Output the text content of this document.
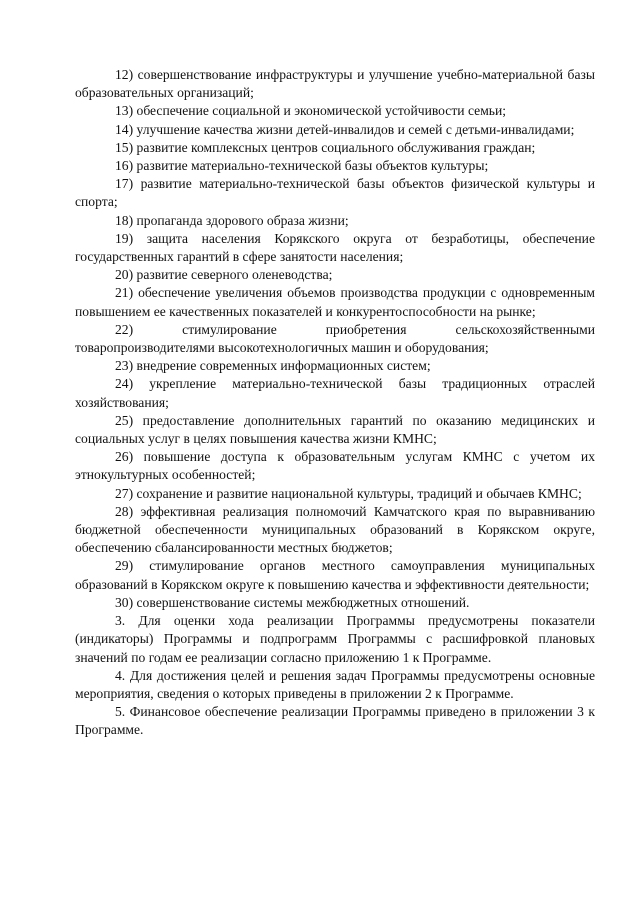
12) совершенствование инфраструктуры и улучшение учебно-материальной базы образовательных организаций;

13) обеспечение социальной и экономической устойчивости семьи;

14) улучшение качества жизни детей-инвалидов и семей с детьми-инвалидами;

15) развитие комплексных центров социального обслуживания граждан;

16) развитие материально-технической базы объектов культуры;

17) развитие материально-технической базы объектов физической культуры и спорта;

18) пропаганда здорового образа жизни;

19) защита населения Корякского округа от безработицы, обеспечение государственных гарантий в сфере занятости населения;

20) развитие северного оленеводства;

21) обеспечение увеличения объемов производства продукции с одновременным повышением ее качественных показателей и конкурентоспособности на рынке;

22) стимулирование приобретения сельскохозяйственными товаропроизводителями высокотехнологичных машин и оборудования;

23) внедрение современных информационных систем;

24) укрепление материально-технической базы традиционных отраслей хозяйствования;

25) предоставление дополнительных гарантий по оказанию медицинских и социальных услуг в целях повышения качества жизни КМНС;

26) повышение доступа к образовательным услугам КМНС с учетом их этнокультурных особенностей;

27) сохранение и развитие национальной культуры, традиций и обычаев КМНС;

28) эффективная реализация полномочий Камчатского края по выравниванию бюджетной обеспеченности муниципальных образований в Корякском округе, обеспечению сбалансированности местных бюджетов;

29) стимулирование органов местного самоуправления муниципальных образований в Корякском округе к повышению качества и эффективности деятельности;

30) совершенствование системы межбюджетных отношений.

3. Для оценки хода реализации Программы предусмотрены показатели (индикаторы) Программы и подпрограмм Программы с расшифровкой плановых значений по годам ее реализации согласно приложению 1 к Программе.

4. Для достижения целей и решения задач Программы предусмотрены основные мероприятия, сведения о которых приведены в приложении 2 к Программе.

5. Финансовое обеспечение реализации Программы приведено в приложении 3 к Программе.
